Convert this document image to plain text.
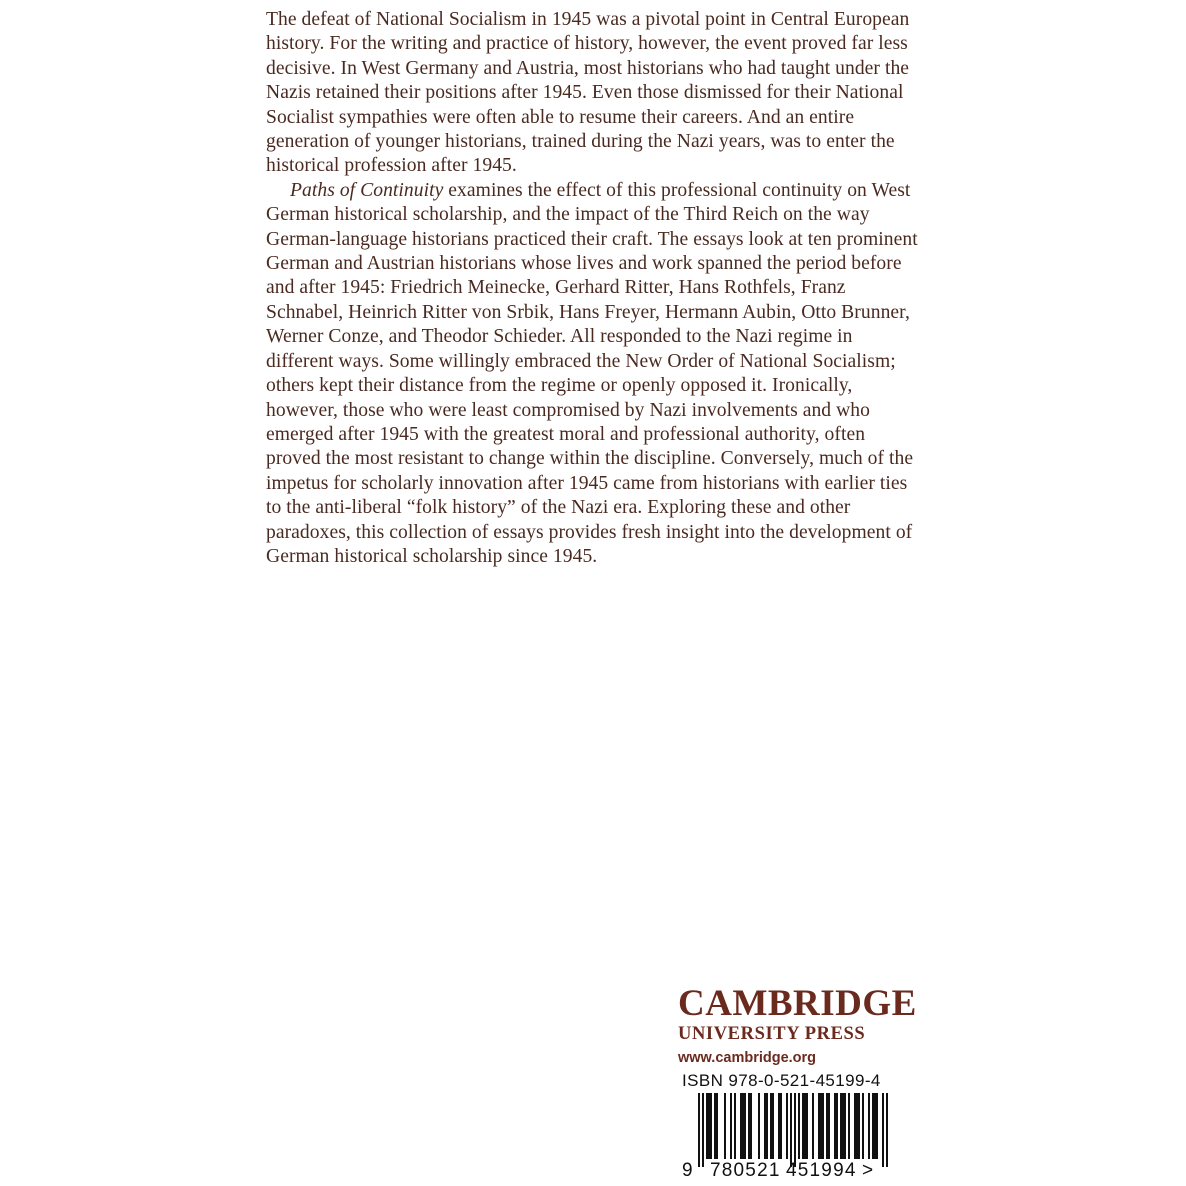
The defeat of National Socialism in 1945 was a pivotal point in Central European history. For the writing and practice of history, however, the event proved far less decisive. In West Germany and Austria, most historians who had taught under the Nazis retained their positions after 1945. Even those dismissed for their National Socialist sympathies were often able to resume their careers. And an entire generation of younger historians, trained during the Nazi years, was to enter the historical profession after 1945.

Paths of Continuity examines the effect of this professional continuity on West German historical scholarship, and the impact of the Third Reich on the way German-language historians practiced their craft. The essays look at ten prominent German and Austrian historians whose lives and work spanned the period before and after 1945: Friedrich Meinecke, Gerhard Ritter, Hans Rothfels, Franz Schnabel, Heinrich Ritter von Srbik, Hans Freyer, Hermann Aubin, Otto Brunner, Werner Conze, and Theodor Schieder. All responded to the Nazi regime in different ways. Some willingly embraced the New Order of National Socialism; others kept their distance from the regime or openly opposed it. Ironically, however, those who were least compromised by Nazi involvements and who emerged after 1945 with the greatest moral and professional authority, often proved the most resistant to change within the discipline. Conversely, much of the impetus for scholarly innovation after 1945 came from historians with earlier ties to the anti-liberal “folk history” of the Nazi era. Exploring these and other paradoxes, this collection of essays provides fresh insight into the development of German historical scholarship since 1945.

CAMBRIDGE
UNIVERSITY PRESS
www.cambridge.org
ISBN 978-0-521-45199-4
9 780521 451994 >
